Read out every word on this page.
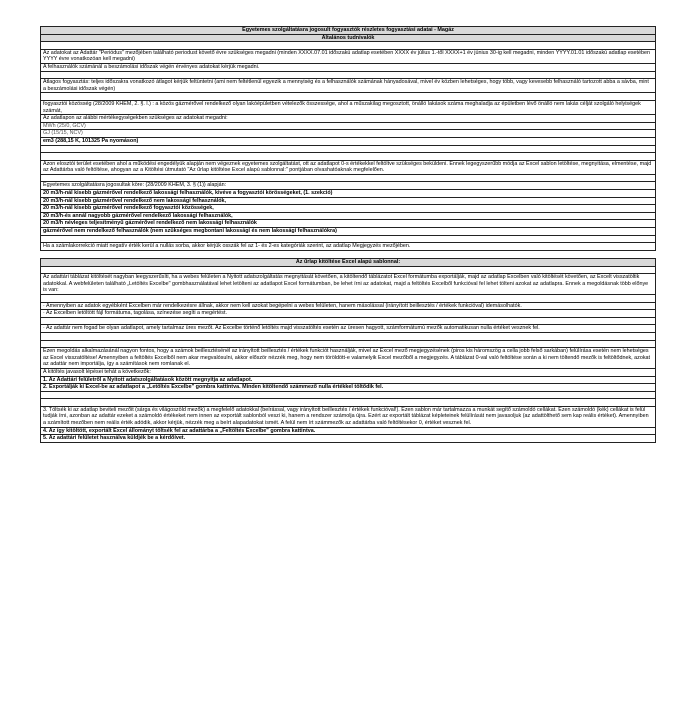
Egyetemes szolgáltatásra jogosult fogyasztók részletes fogyasztási adatai - Magáz
Általános tudnivalók
Az adatokat az Adattár "Periódus" mezőjében található periodust követő évre szükséges megadni (minden XXXX.07.01 időszakú adatlap esetében XXXX év július 1.-től XXXX+1 év június 30-ig kell megadni, minden YYYY.01.01 időszakú adatlap esetében YYYY évre vonatkozóan kell megadni)
A felhasználók számánál a beszámolási időszak végén érvényes adatokat kérjük megadni.
Átlagos fogyasztás: teljes időszakra vonatkozó átlagot kérjük feltüntetni (ami nem feltétlenül egyezik a mennyiség és a felhasználók számának hányadosával, mivel év közben lehetséges, hogy több, vagy kevesebb felhasználó tartozott abba a sávba, mint a beszámolási időszak végén)
fogyasztói közösség (28/2009 KHEM, 2. §. l.) : a közös gázmérővel rendelkező olyan lakóépületben vételezők összessége, ahol a műszakilag megosztott, önálló lakások száma meghaladja az épületben lévő önálló nem lakás célját szolgáló helyiségek számát,
Az adatlapon az alábbi mértékegységekben szükséges az adatokat megadni:
MWh (25/0, GCV)
GJ (15/15, NCV)
em3 (288,15 K, 101325 Pa nyomáson)
Azon elosztói terület esetében ahol a működési engedélyük alapján nem végeznek egyetemes szolgáltatást, ott az adatlapot 0-s értékekkel feltöltve szükséges beküldeni. Ennek legegyszerűbb módja az Excel sablon letöltése, megnyitása, elmentése, majd az Adattárba való feltöltése, ahogyan az a Kitöltési útmutató "Az űrlap kitöltése Excel alapú sablonnal:" pontjában olvashatóaknak megfelelően.
Egyetemes szolgáltatásra jogosultak köre: (28/2009 KHEM, 3. § (1)) alapján:
20 m3/h-nál kisebb gázmérővel rendelkező lakossági felhasználók, kivéve a fogyasztói körösségeket, (1. szekció)
20 m3/h-nál kisebb gázmérővel rendelkező nem lakossági felhasználók,
20 m3/h-nál kisebb gázmérővel rendelkező fogyasztói közösségek,
20 m3/h-és annál nagyobb gázmérővel rendelkező lakossági felhasználók,
20 m3/h névleges teljesítményű gázmérővel rendelkező nem lakossági felhasználók
gázmérővel nem rendelkező felhasználók (nem szükséges megbontani lakossági és nem lakossági felhasználókra)
Ha a számlakorrekció miatt negatív érték kerül a nullás sorba, akkor kérjük osszák fel az 1- és 2-es kategóriák szerint, az adatlap Megjegyzés mezőjében.
Az űrlap kitöltése Excel alapú sablonnal:
Az adattári táblázat kitöltését nagyban leegyszerűsíti, ha a webes felületen a Nyitott adatszolgáltatás megnyitását követően, a kitöltendő táblázatot Excel formátumba exportálják, majd az adatlap Excelben való kitöltését követően, az Excelt visszatöltik adatokkal. A webfelületen található „Letöltés Excelbe" gombhasználatával lehet letölteni az adatlapot Excel formátumban, be lehet írni az adatokat, majd a feltöltés Excelből funkcióval fel lehet tölteni azokat az adatlapra. Ennek a megoldásnak több előnye is van:
· Amennyiben az adatok egyébként Excelben már rendelkezésre állnak, akkor nem kell azokat begépelni a webes felületen, hanem másolással (irányított beillesztés / értékek funkcióval) idemásolhatók.
· Az Excelben letöltött fájl formátuma, tagolása, színezése segíti a megértést.
· Az adattár nem fogad be olyan adatlapot, amely tartalmaz üres mezőt. Az Excelbe történő letöltés majd visszatöltés esetén az üresen hagyott, számformátumú mezők automatikusan nulla értéket vesznek fel.
Ezen megoldás alkalmazásánál nagyon fontos, hogy a számok beillesztésénél az irányított beillesztés / értékek funkciót használják, mivel az Excel mező megjegyzésének (piros kis háromszög a cella jobb felső sarkában) felülírása esetén nem lehetséges az Excel visszatöltése! Amennyiben a feltöltés Excelből nem akar megvalósulni, akkor először nézzék meg, hogy nem töröldött-e valamelyik Excel mezőből a megjegyzés. A táblázat 0-val való feltöltése során a ki nem töltendő mezők is feltöltődnek, azokat az adattár nem importálja, így a számítások nem romlanak el.
A kitöltés javasolt lépései tehát a következők:
1. Az Adattári felületről a Nyitott adatszolgáltatások között megnyitja az adatlapot.
2. Exportálják ki Excel-be az adatlapot a „Letöltés Excelbe" gombra kattintva. Minden kitöltendő számmező nulla értékkel töltődik fel.
3. Töltsék ki az adatlap beviteli mezőit (sárga és világoszöld mezők) a megfelelő adatokkal (beírással, vagy irányított beillesztés / értékek funkcióval!). Ezen sablon már tartalmazza a munkát segítő számoldó cellákat. Ezen számoldó (kék) cellákat is felül tudják írni, azonban az adattár ezeket a számoldó értékeket nem innen az exportált sablonból veszi ki, hanem a rendszer számolja újra. Ezért az exportált táblázat képleteinek felülírását nem javasoljuk (az adattölthető sem kap reális értéket). Amennyiben a számított mezőben nem reális érték adódik, akkor kérjük, nézzék meg a beírt alapadatokat ismét. A felül nem írt számmezők az adattárba való feltöltésekor 0, értéket vesznek fel.
4. Az így kitöltött, exportált Excel állományt töltsék fel az adattárba a „Feltöltés Excelbe" gombra kattintva.
5. Az adattári felületet használva küldjék be a kérdőívet.
